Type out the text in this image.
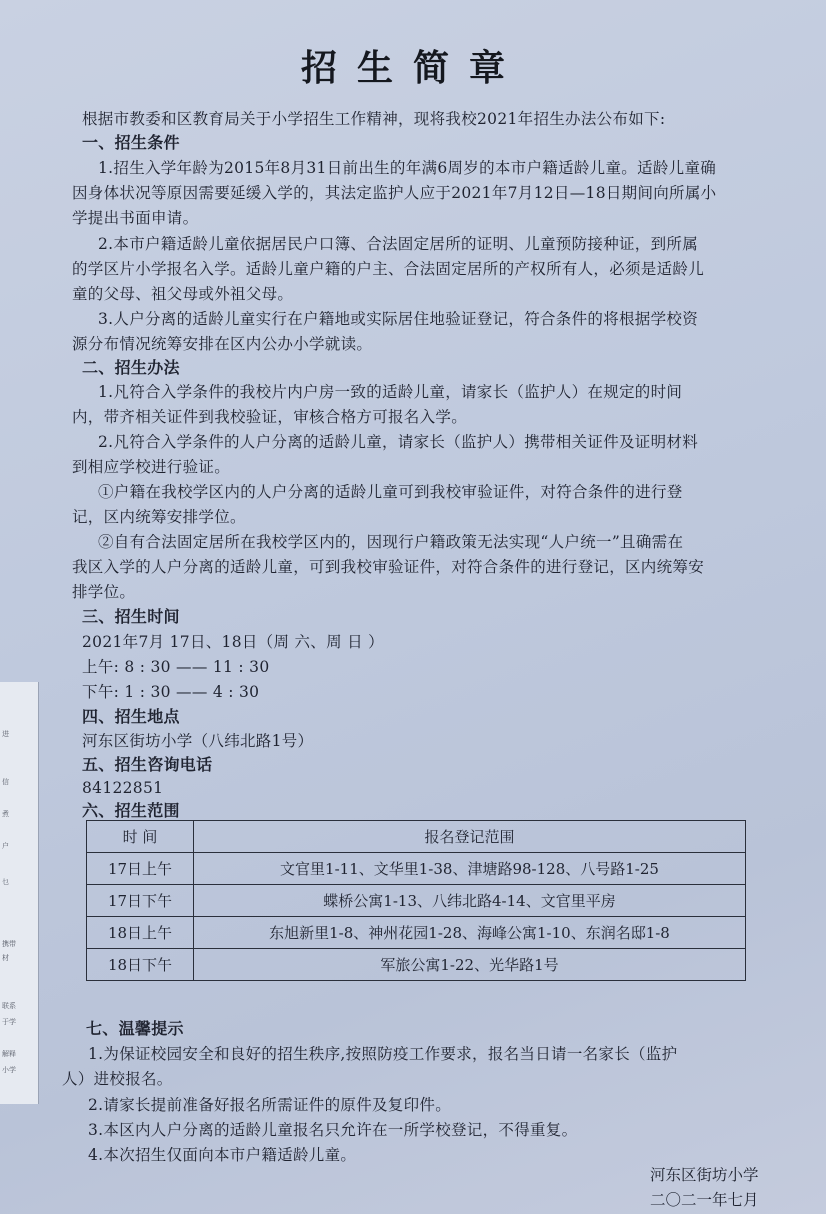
进
信
煮
户
乜
携带
材
联系
于学
解释
小学
招生简章
根据市教委和区教育局关于小学招生工作精神，现将我校2021年招生办法公布如下:
一、招生条件
1.招生入学年龄为2015年8月31日前出生的年满6周岁的本市户籍适龄儿童。适龄儿童确
因身体状况等原因需要延缓入学的，其法定监护人应于2021年7月12日—18日期间向所属小
学提出书面申请。
2.本市户籍适龄儿童依据居民户口簿、合法固定居所的证明、儿童预防接种证，到所属
的学区片小学报名入学。适龄儿童户籍的户主、合法固定居所的产权所有人，必须是适龄儿
童的父母、祖父母或外祖父母。
3.人户分离的适龄儿童实行在户籍地或实际居住地验证登记，符合条件的将根据学校资
源分布情况统筹安排在区内公办小学就读。
二、招生办法
1.凡符合入学条件的我校片内户房一致的适龄儿童，请家长（监护人）在规定的时间
内，带齐相关证件到我校验证，审核合格方可报名入学。
2.凡符合入学条件的人户分离的适龄儿童，请家长（监护人）携带相关证件及证明材料
到相应学校进行验证。
①户籍在我校学区内的人户分离的适龄儿童可到我校审验证件，对符合条件的进行登
记，区内统筹安排学位。
②自有合法固定居所在我校学区内的，因现行户籍政策无法实现“人户统一”且确需在
我区入学的人户分离的适龄儿童，可到我校审验证件，对符合条件的进行登记，区内统筹安
排学位。
三、招生时间
2021年7月 17日、18日（周 六、周 日 ）
上午: 8 : 30 —— 11 : 30
下午: 1 : 30 —— 4 : 30
四、招生地点
河东区街坊小学（八纬北路1号）
五、招生咨询电话
84122851
六、招生范围
时 间	报名登记范围
17日上午	文官里1-11、文华里1-38、津塘路98-128、八号路1-25
17日下午	蝶桥公寓1-13、八纬北路4-14、文官里平房
18日上午	东旭新里1-8、神州花园1-28、海峰公寓1-10、东润名邸1-8
18日下午	军旅公寓1-22、光华路1号
七、温馨提示
1.为保证校园安全和良好的招生秩序,按照防疫工作要求，报名当日请一名家长（监护
人）进校报名。
2.请家长提前准备好报名所需证件的原件及复印件。
3.本区内人户分离的适龄儿童报名只允许在一所学校登记，不得重复。
4.本次招生仅面向本市户籍适龄儿童。
河东区街坊小学
二〇二一年七月
